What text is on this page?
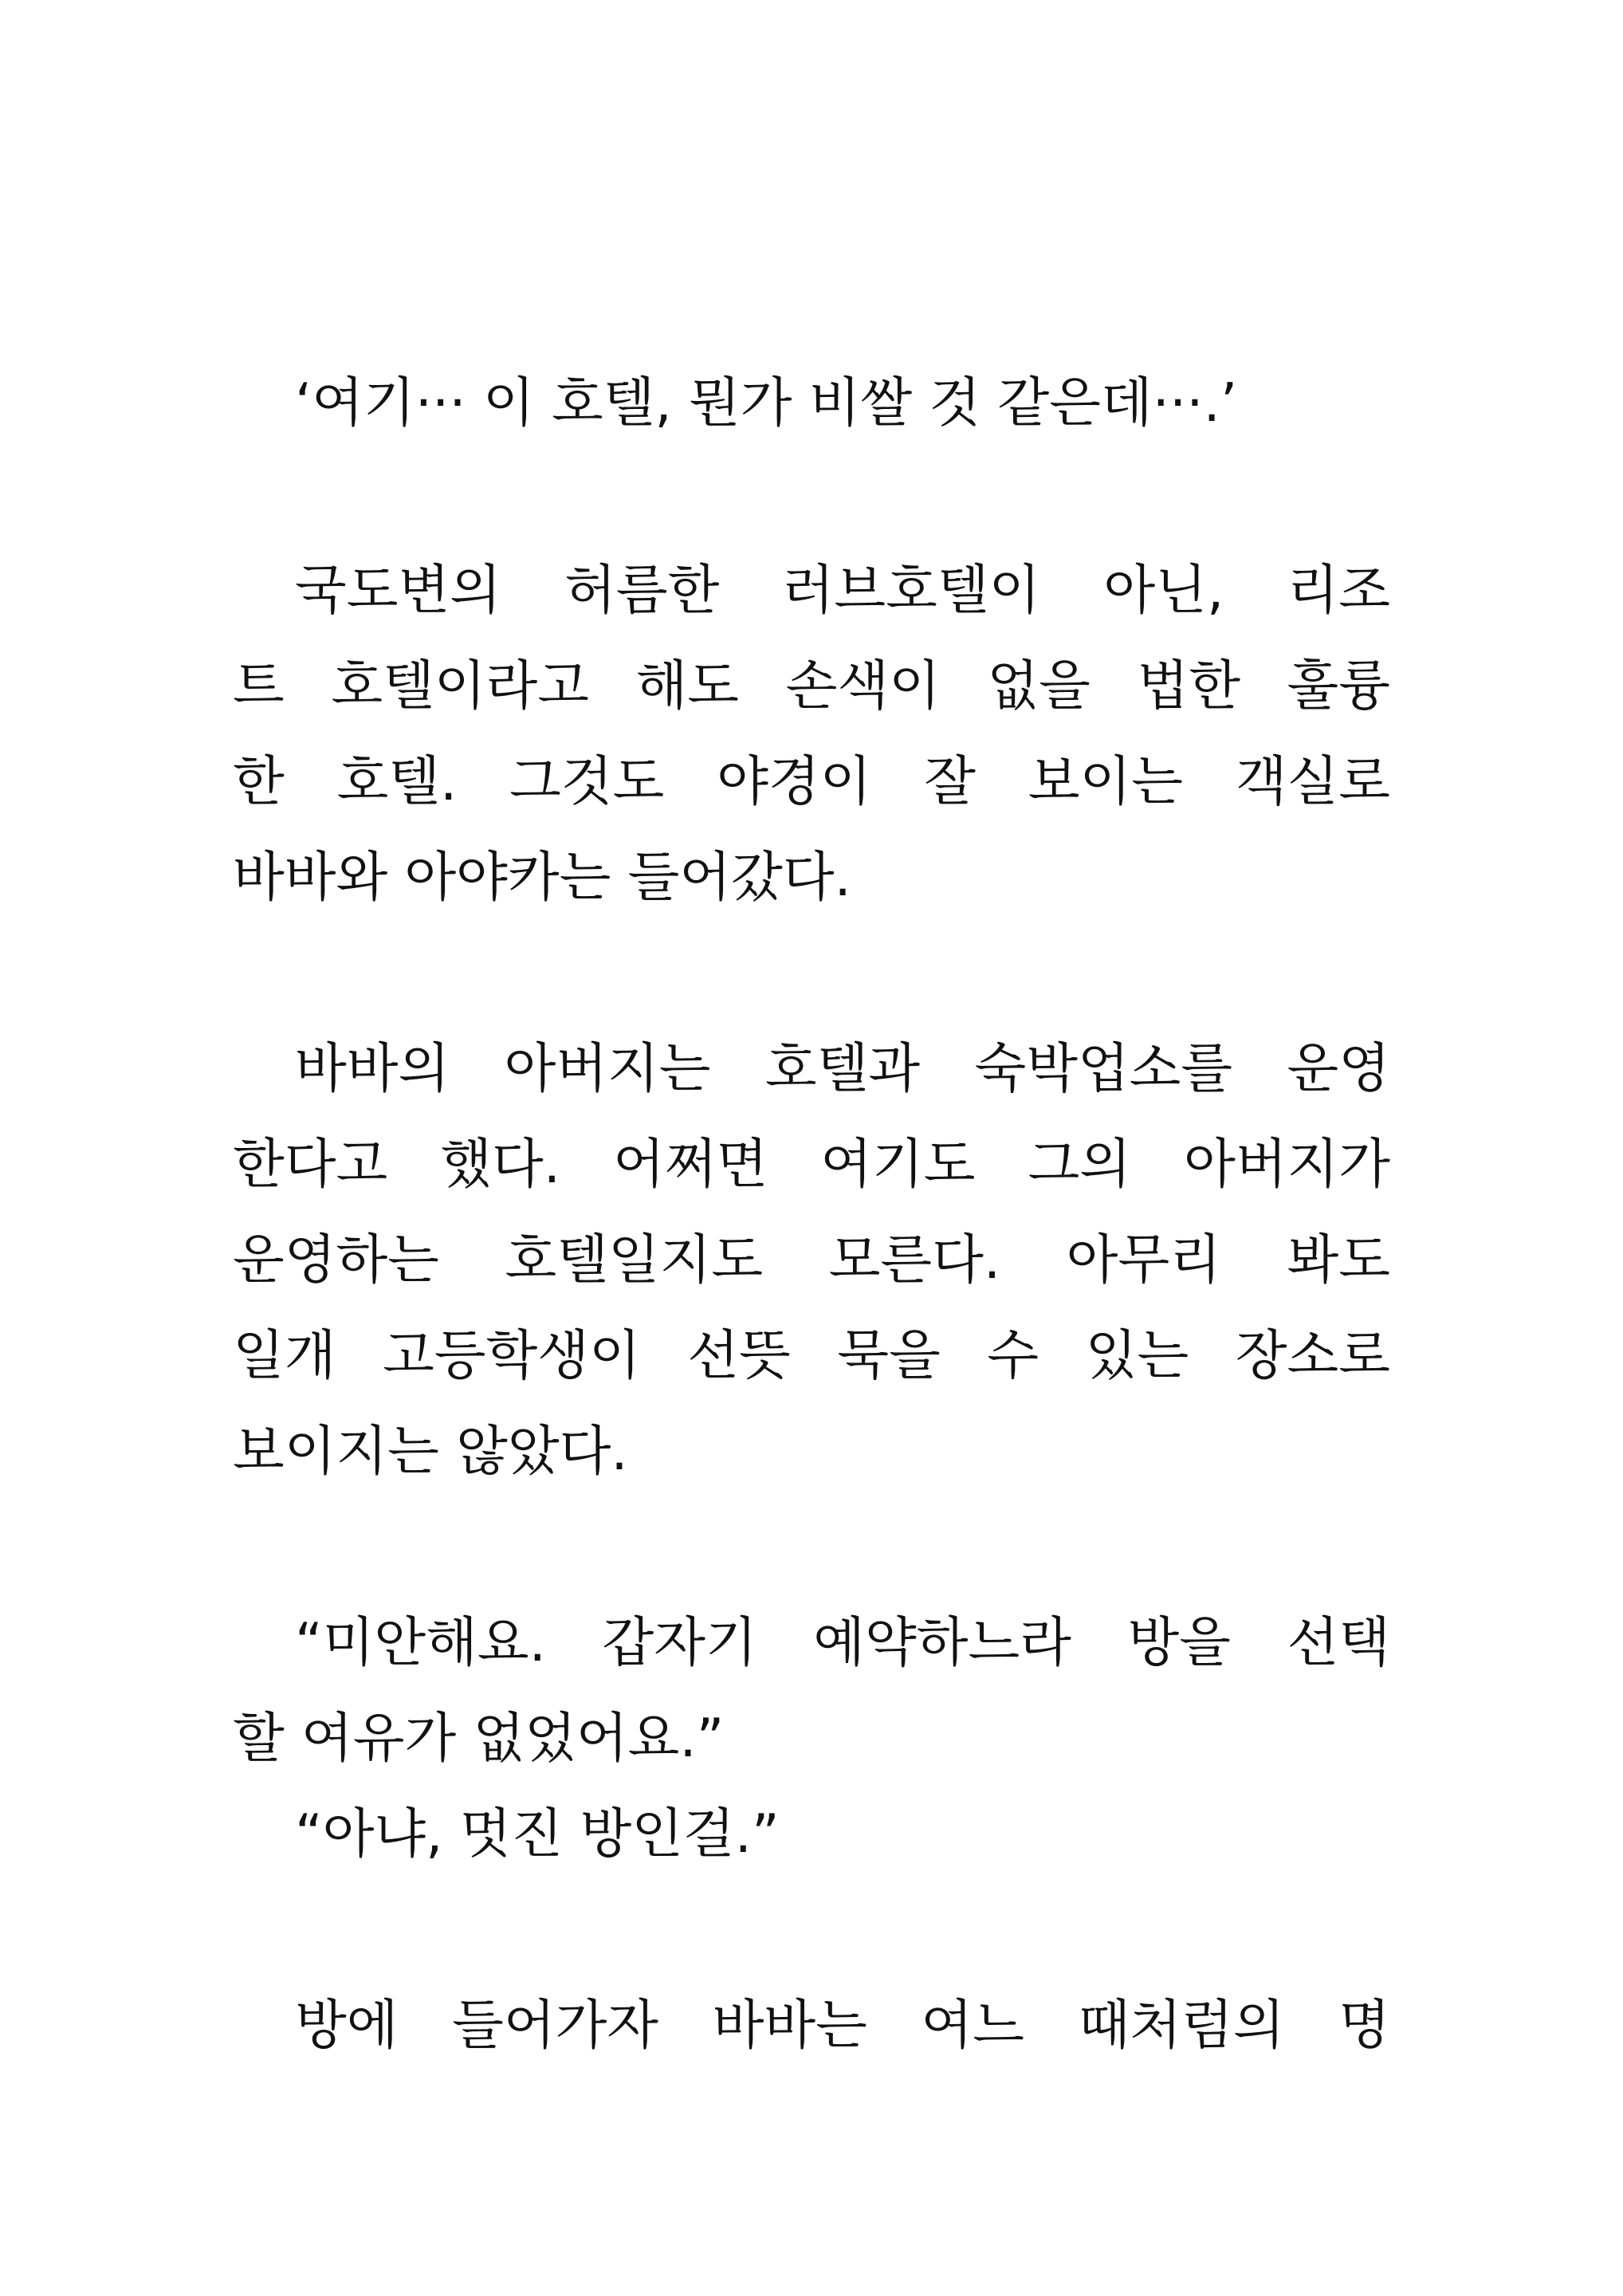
‘여기··· 이 호텔, 뭔가 비쌀 것 같은데···.’
국도변의 허름한 러브호텔이 아닌, 리조
트 호텔이라고 해도 손색이 없을 법한 훌륭
한 호텔. 그것도 야경이 잘 보이는 객실로
바바와 아야카는 들어갔다.
바바의 아버지는 호텔과 숙박업소를 운영
한다고 했다. 어쩌면 여기도 그의 아버지가
운영하는 호텔일지도 모른다. 아무리 봐도
일개 고등학생이 선뜻 묵을 수 있는 장소로
보이지는 않았다.
“미안해요. 갑자기 예약하느라 방을 선택
할 여유가 없었어요.”
“아냐, 멋진 방인걸.”
방에 들어가자 바바는 여느 때처럼의 명
